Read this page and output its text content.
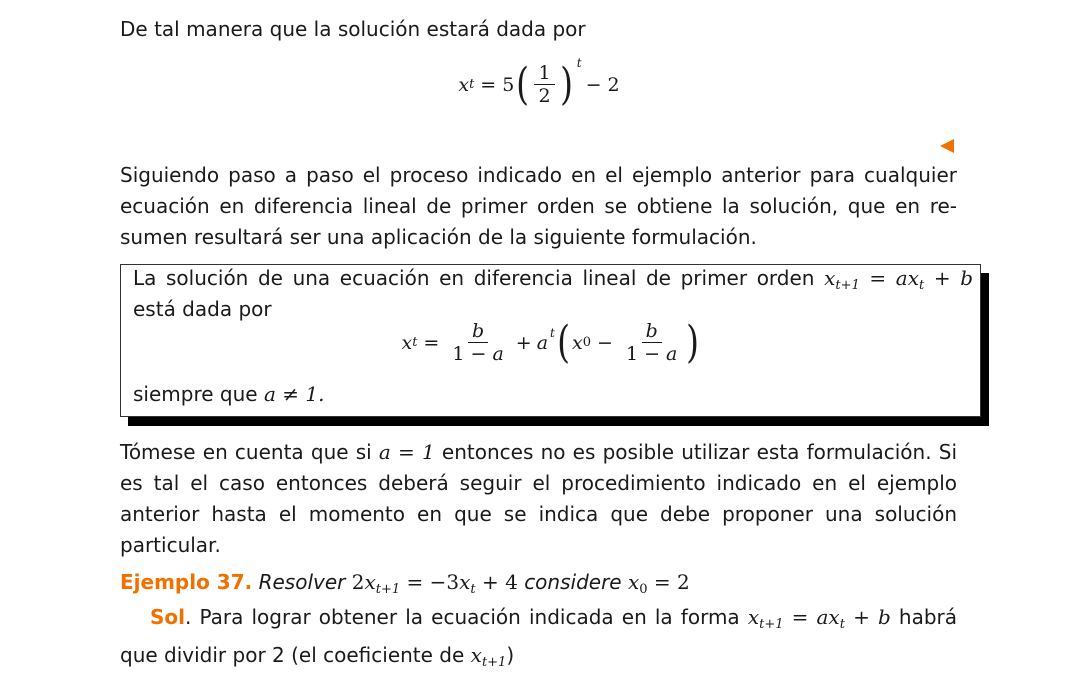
De tal manera que la solución estará dada por
x t = 5 ( $\frac{1}{2}$ ) t
− 2
Siguiendo paso a paso el proceso indicado en el ejemplo anterior para cualquier ecuación en diferencia lineal de primer orden se obtiene la solución, que en re-sumen resultará ser una aplicación de la siguiente formulación.
La solución de una ecuación en diferencia lineal de primer orden $x_{t+1} = ax_t + b$
está dada por
x $t = \frac{b}{1 - a} + a$ t ( x $0 - \frac{b}{1 - a}$ )
siempre que a ≠ 1.
Tómese en cuenta que si a = 1 entonces no es posible utilizar esta formulación. Si es tal el caso entonces deberá seguir el procedimiento indicado en el ejemplo anterior hasta el momento en que se indica que debe proponer una solución particular.
Ejemplo 37. Resolver $2x_{t+1} = -3x_t + 4$ considere $x_0 = 2$
Sol. Para lograr obtener la ecuación indicada en la forma $x_{t+1} = ax_t + b$ habrá que dividir por 2 (el coeficiente de $x_{t+1}$)
